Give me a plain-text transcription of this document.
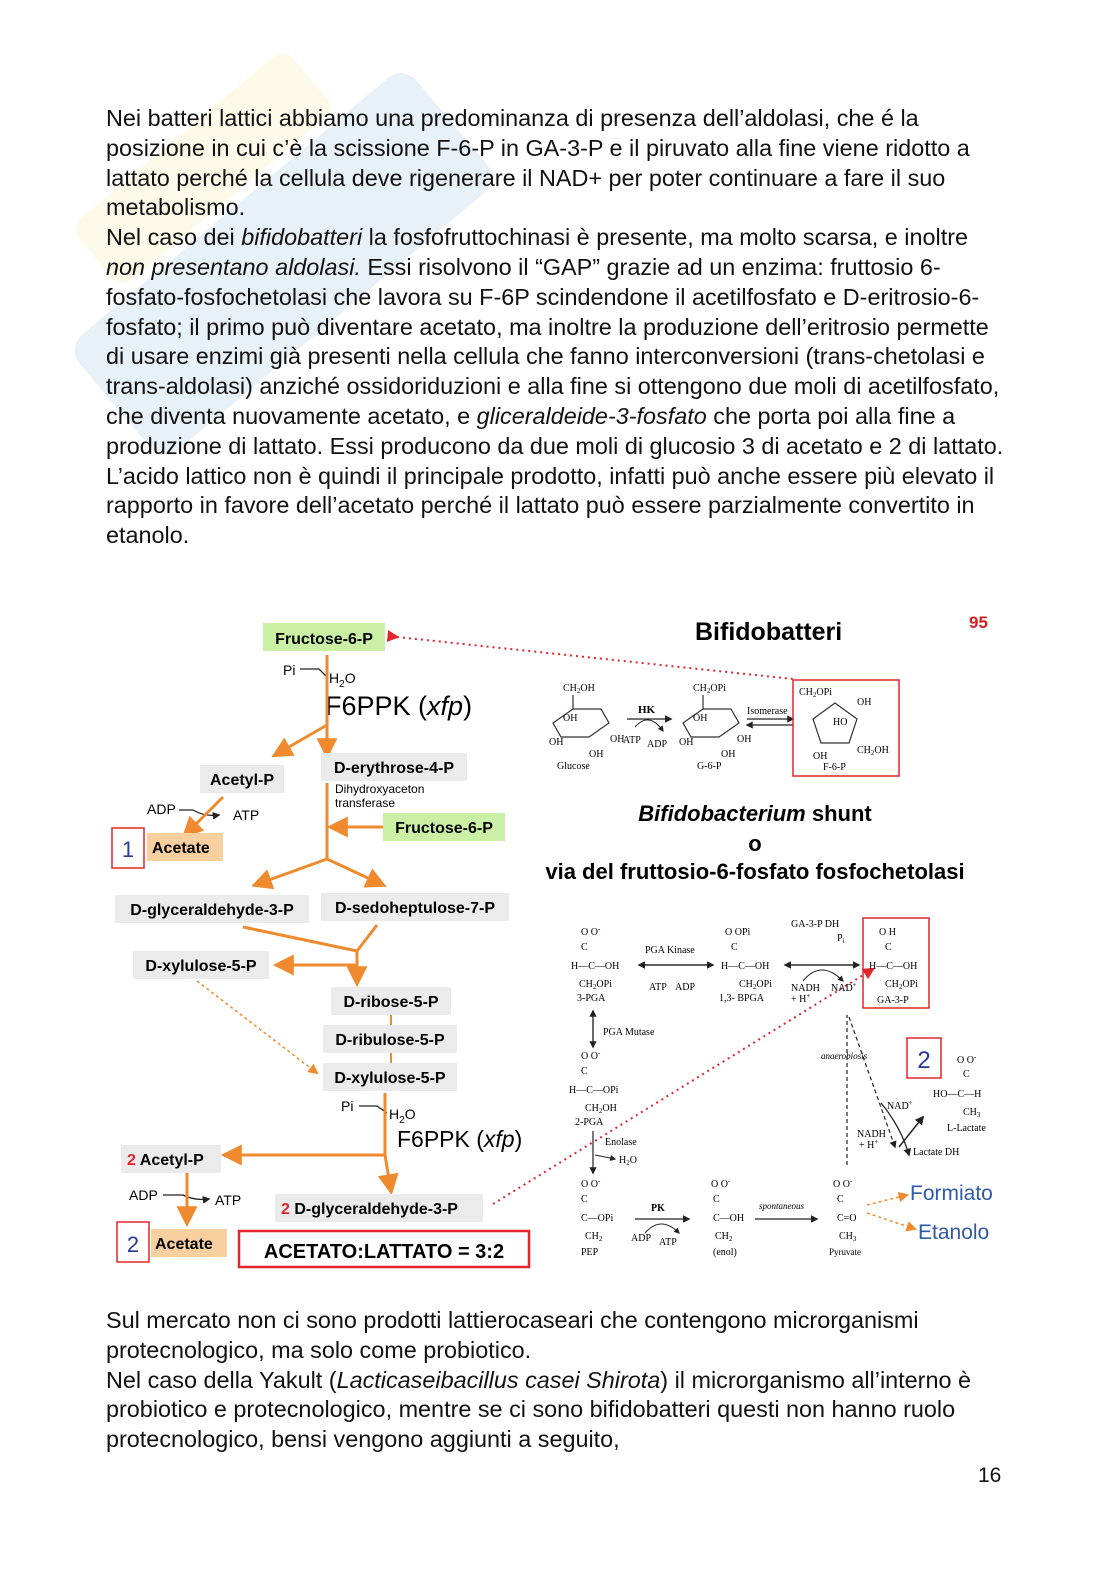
Nei batteri lattici abbiamo una predominanza di presenza dell’aldolasi, che é la posizione in cui c’è la scissione F-6-P in GA-3-P e il piruvato alla fine viene ridotto a lattato perché la cellula deve rigenerare il NAD+ per poter continuare a fare il suo metabolismo.

Nel caso dei bifidobatteri la fosfofruttochinasi è presente, ma molto scarsa, e inoltre non presentano aldolasi. Essi risolvono il “GAP” grazie ad un enzima: fruttosio 6-fosfato-fosfochetolasi che lavora su F-6P scindendone il acetilfosfato e D-eritrosio-6-fosfato; il primo può diventare acetato, ma inoltre la produzione dell’eritrosio permette di usare enzimi già presenti nella cellula che fanno interconversioni (trans-chetolasi e trans-aldolasi) anziché ossidoriduzioni e alla fine si ottengono due moli di acetilfosfato, che diventa nuovamente acetato, e gliceraldeide-3-fosfato che porta poi alla fine a produzione di lattato. Essi producono da due moli di glucosio 3 di acetato e 2 di lattato. L’acido lattico non è quindi il principale prodotto, infatti può anche essere più elevato il rapporto in favore dell’acetato perché il lattato può essere parzialmente convertito in etanolo.

Fructose-6-P
Pi $H_2O$
F6PPK (xfp)
Acetyl-P
D-erythrose-4-P
Dihydroxyaceton
transferase
ADP	ATP
1 Acetate
Fructose-6-P
D-glyceraldehyde-3-P	D-sedoheptulose-7-P
D-xylulose-5-P
D-ribose-5-P
D-ribulose-5-P
D-xylulose-5-P
Pi	$H_2O$
F6PPK (xfp)
2 Acetyl-P
ADP	ATP
2 D-glyceraldehyde-3-P
2 Acetate	ACETATO:LATTATO = 3:2
Bifidobatteri	95
Bifidobacterium shunt
o
via del fruttosio-6-fosfato fosfochetolasi
$CH_2OH$
OH
OH
OH
OH
Glucose
HK
ATP ADP
$CH_2OPi$
OH
OH
OH
OH
G-6-P
Isomerase
$CH_2OPi$
OH
HO
OH
$CH_2OH$
F-6-P
O O-
C
H—C—OH
$CH_2OPi$
3-PGA
PGA Kinase
ATP ADP
O OPi
C
H—C—OH
$CH_2OPi$
1,3- BPGA
GA-3-P DH
$P_i$
NADH
+ H+
NAD+
O H
C
H—C—OH
$CH_2OPi$
GA-3-P
PGA Mutase
O O-
C
H—C—OPi
$CH_2OH$
2-PGA
Enolase
$H_2O$
O O-
C
C—OPi
$CH_2$
PEP
PK
ADP ATP
O O-
C
C—OH
$CH_2$
(enol)
spontaneous
O O-
C
C=O
$CH_3$
Pyruvate
anaerobiosis
NAD+
NADH
+ H+
Lactate DH
O O-
C
HO—C—H
$CH_3$
L-Lactate
2
Formiato
Etanolo

Sul mercato non ci sono prodotti lattierocaseari che contengono microrganismi protecnologico, ma solo come probiotico.

Nel caso della Yakult (Lacticaseibacillus casei Shirota) il microrganismo all’interno è probiotico e protecnologico, mentre se ci sono bifidobatteri questi non hanno ruolo protecnologico, bensi vengono aggiunti a seguito,

16
